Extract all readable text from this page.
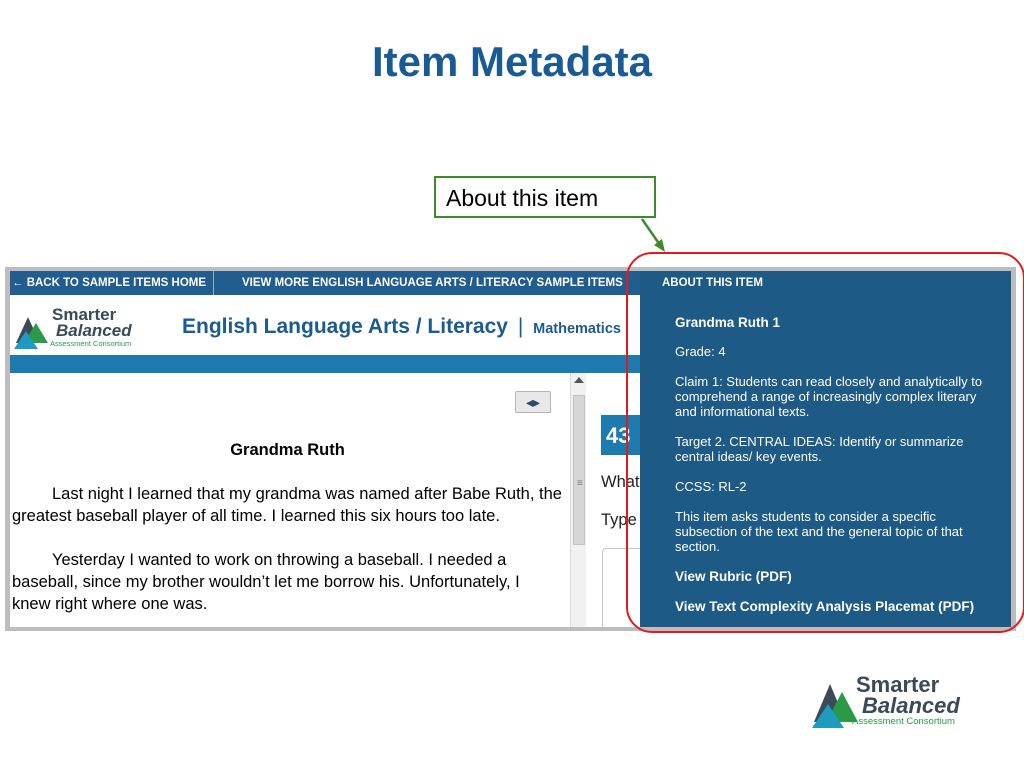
Item Metadata
About this item
← BACK TO SAMPLE ITEMS HOME	VIEW MORE ENGLISH LANGUAGE ARTS / LITERACY SAMPLE ITEMS
Smarter
Balanced
Assessment Consortium
English Language Arts / Literacy | Mathematics
◂▸
Grandma Ruth

Last night I learned that my grandma was named after Babe Ruth, the greatest baseball player of all time. I learned this six hours too late.

Yesterday I wanted to work on throwing a baseball. I needed a baseball, since my brother wouldn’t let me borrow his. Unfortunately, I knew right where one was.

≡
43
What
Type
ABOUT THIS ITEM
Grandma Ruth 1
Grade: 4
Claim 1: Students can read closely and analytically to comprehend a range of increasingly complex literary and informational texts.
Target 2. CENTRAL IDEAS: Identify or summarize central ideas/ key events.
CCSS: RL-2
This item asks students to consider a specific subsection of the text and the general topic of that section.
View Rubric (PDF)
View Text Complexity Analysis Placemat (PDF)
Smarter
Balanced
Assessment Consortium
